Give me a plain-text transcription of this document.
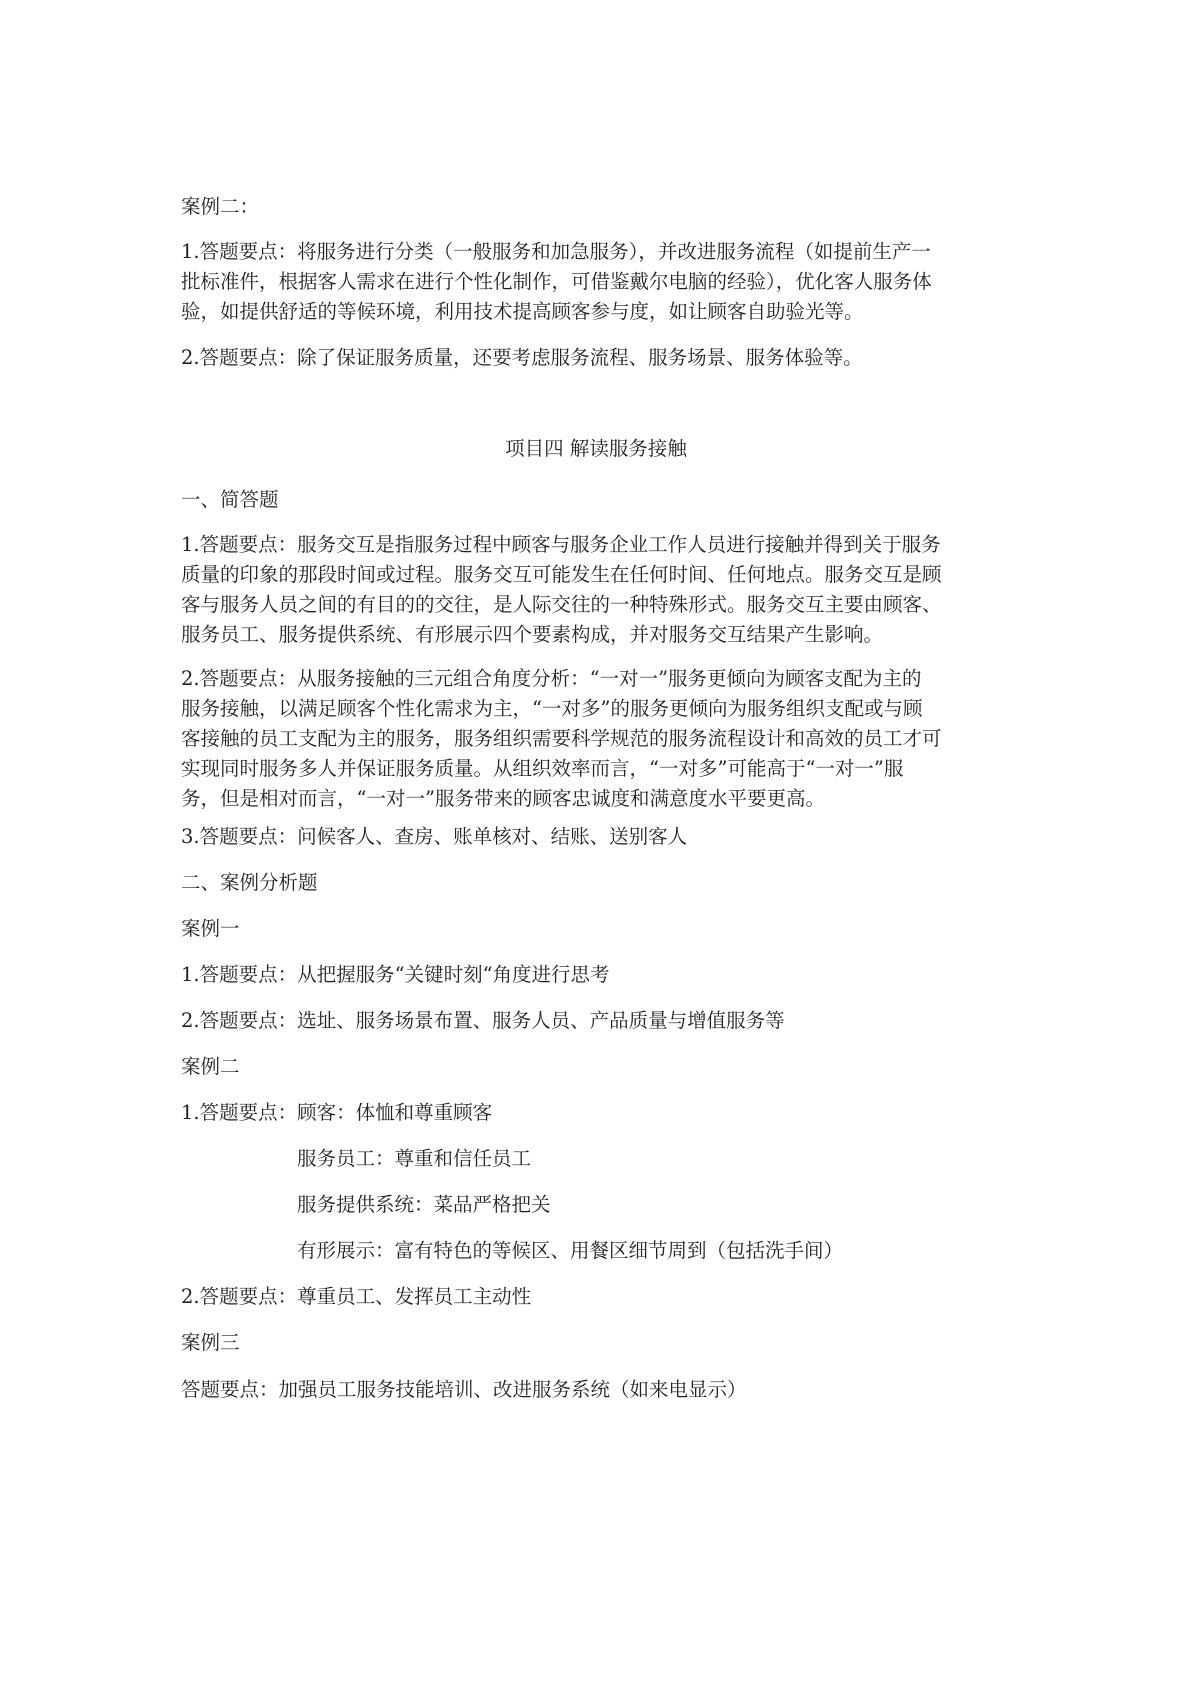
案例二：

1.答题要点：将服务进行分类（一般服务和加急服务），并改进服务流程（如提前生产一
批标准件，根据客人需求在进行个性化制作，可借鉴戴尔电脑的经验），优化客人服务体
验，如提供舒适的等候环境，利用技术提高顾客参与度，如让顾客自助验光等。

2.答题要点：除了保证服务质量，还要考虑服务流程、服务场景、服务体验等。

项目四 解读服务接触

一、简答题

1.答题要点：服务交互是指服务过程中顾客与服务企业工作人员进行接触并得到关于服务
质量的印象的那段时间或过程。服务交互可能发生在任何时间、任何地点。服务交互是顾
客与服务人员之间的有目的的交往，是人际交往的一种特殊形式。服务交互主要由顾客、
服务员工、服务提供系统、有形展示四个要素构成，并对服务交互结果产生影响。

2.答题要点：从服务接触的三元组合角度分析：“一对一”服务更倾向为顾客支配为主的
服务接触，以满足顾客个性化需求为主，“一对多”的服务更倾向为服务组织支配或与顾
客接触的员工支配为主的服务，服务组织需要科学规范的服务流程设计和高效的员工才可
实现同时服务多人并保证服务质量。从组织效率而言，“一对多”可能高于“一对一”服
务，但是相对而言，“一对一”服务带来的顾客忠诚度和满意度水平要更高。

3.答题要点：问候客人、查房、账单核对、结账、送别客人

二、案例分析题

案例一

1.答题要点：从把握服务“关键时刻“角度进行思考

2.答题要点：选址、服务场景布置、服务人员、产品质量与增值服务等

案例二

1.答题要点：顾客：体恤和尊重顾客

服务员工：尊重和信任员工

服务提供系统：菜品严格把关

有形展示：富有特色的等候区、用餐区细节周到（包括洗手间）

2.答题要点：尊重员工、发挥员工主动性

案例三

答题要点：加强员工服务技能培训、改进服务系统（如来电显示）
